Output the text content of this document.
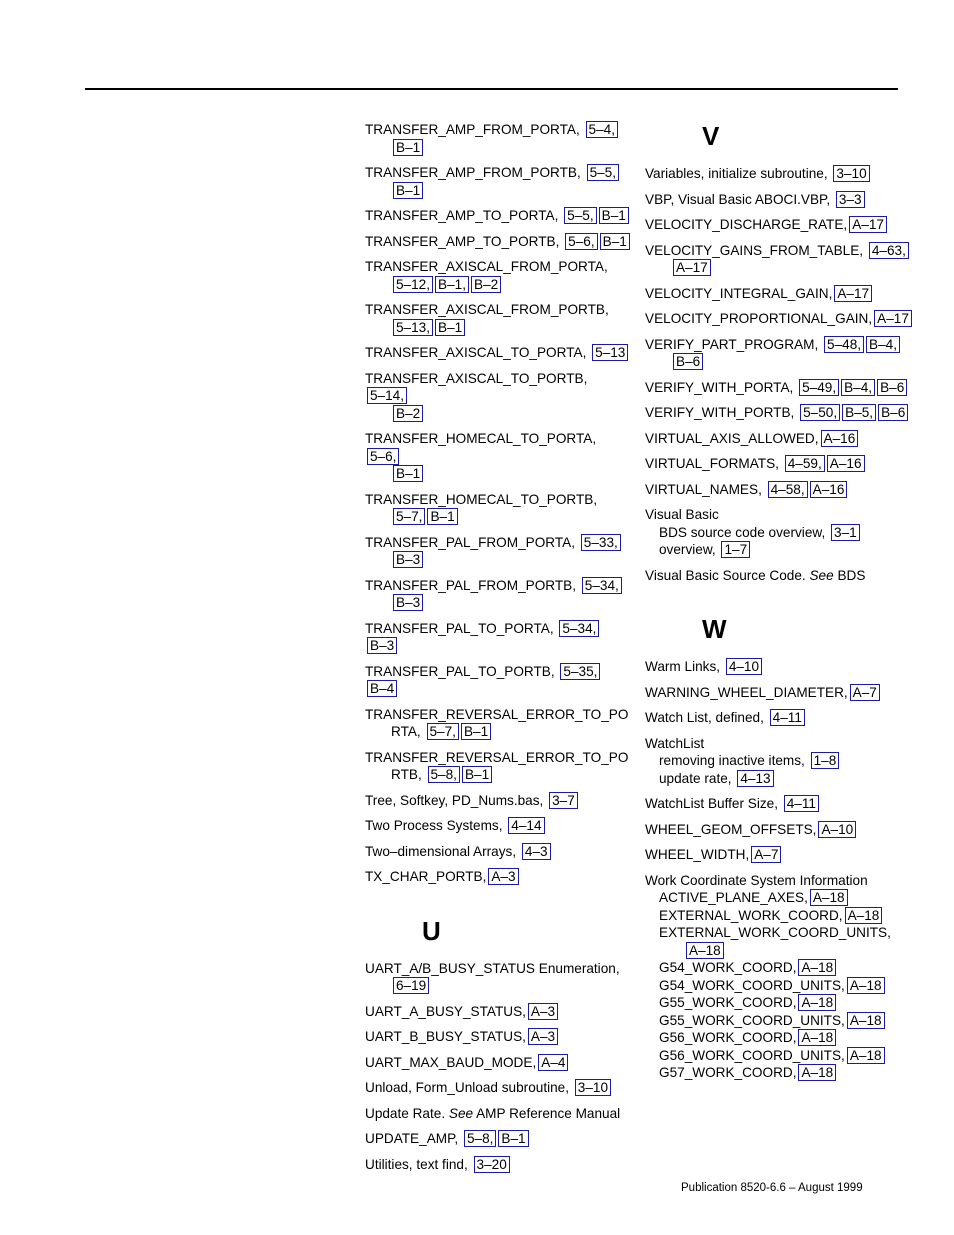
TRANSFER_AMP_FROM_PORTA, 5–4,
B–1
TRANSFER_AMP_FROM_PORTB, 5–5,
B–1
TRANSFER_AMP_TO_PORTA, 5–5, B–1
TRANSFER_AMP_TO_PORTB, 5–6, B–1
TRANSFER_AXISCAL_FROM_PORTA,
5–12, B–1, B–2
TRANSFER_AXISCAL_FROM_PORTB,
5–13, B–1
TRANSFER_AXISCAL_TO_PORTA, 5–13
TRANSFER_AXISCAL_TO_PORTB, 5–14,
B–2
TRANSFER_HOMECAL_TO_PORTA, 5–6,
B–1
TRANSFER_HOMECAL_TO_PORTB,
5–7, B–1
TRANSFER_PAL_FROM_PORTA, 5–33,
B–3
TRANSFER_PAL_FROM_PORTB, 5–34,
B–3
TRANSFER_PAL_TO_PORTA, 5–34,B–3
TRANSFER_PAL_TO_PORTB, 5–35,B–4
TRANSFER_REVERSAL_ERROR_TO_PO
RTA, 5–7, B–1
TRANSFER_REVERSAL_ERROR_TO_PO
RTB, 5–8, B–1
Tree, Softkey, PD_Nums.bas, 3–7
Two Process Systems, 4–14
Two–dimensional Arrays, 4–3
TX_CHAR_PORTB, A–3
U
UART_A/B_BUSY_STATUS Enumeration,
6–19
UART_A_BUSY_STATUS, A–3
UART_B_BUSY_STATUS, A–3
UART_MAX_BAUD_MODE, A–4
Unload, Form_Unload subroutine, 3–10
Update Rate. See AMP Reference Manual
UPDATE_AMP, 5–8, B–1
Utilities, text find, 3–20
V
Variables, initialize subroutine, 3–10
VBP, Visual Basic ABOCI.VBP, 3–3
VELOCITY_DISCHARGE_RATE, A–17
VELOCITY_GAINS_FROM_TABLE, 4–63,
A–17
VELOCITY_INTEGRAL_GAIN, A–17
VELOCITY_PROPORTIONAL_GAIN, A–17
VERIFY_PART_PROGRAM, 5–48, B–4,
B–6
VERIFY_WITH_PORTA, 5–49, B–4, B–6
VERIFY_WITH_PORTB, 5–50, B–5, B–6
VIRTUAL_AXIS_ALLOWED, A–16
VIRTUAL_FORMATS, 4–59, A–16
VIRTUAL_NAMES, 4–58, A–16
Visual Basic
BDS source code overview, 3–1
overview, 1–7
Visual Basic Source Code. See BDS
W
Warm Links, 4–10
WARNING_WHEEL_DIAMETER, A–7
Watch List, defined, 4–11
WatchList
removing inactive items, 1–8
update rate, 4–13
WatchList Buffer Size, 4–11
WHEEL_GEOM_OFFSETS, A–10
WHEEL_WIDTH, A–7
Work Coordinate System Information
ACTIVE_PLANE_AXES, A–18
EXTERNAL_WORK_COORD, A–18
EXTERNAL_WORK_COORD_UNITS,
A–18
G54_WORK_COORD, A–18
G54_WORK_COORD_UNITS, A–18
G55_WORK_COORD, A–18
G55_WORK_COORD_UNITS, A–18
G56_WORK_COORD, A–18
G56_WORK_COORD_UNITS, A–18
G57_WORK_COORD, A–18
Publication 8520-6.6 – August 1999
